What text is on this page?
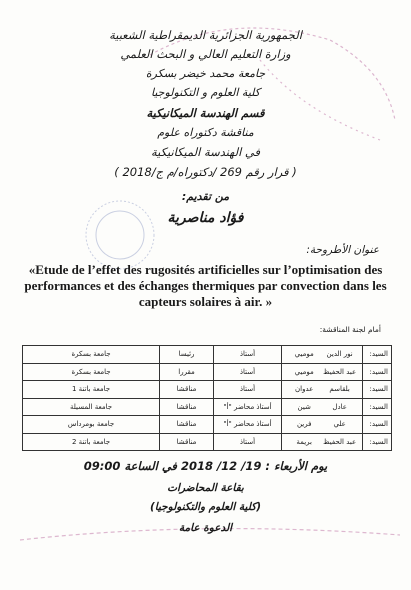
الجمهورية الجزائرية الديمقراطية الشعبية
وزارة التعليم العالي و البحث العلمي
جامعة محمد خيضر بسكرة
كلية العلوم و التكنولوجيا
قسم الهندسة الميكانيكية
مناقشة دكتوراه علوم
في الهندسة الميكانيكية
( قرار رقم 269 /دكتوراه/م ج/2018 )
من تقديم:
فؤاد مناصرية
عنوان الأطروحة:
«Etude de l’effet des rugosités artificielles sur l’optimisation des performances et des échanges thermiques par convection dans les capteurs solaires à air. »
أمام لجنة المناقشة:
السيد:	نور الدينموميي	أستاذ	رئيسا	جامعة بسكرة
السيد:	عبد الحفيظموميي	أستاذ	مقررا	جامعة بسكرة
السيد:	بلقاسمعدوان	أستاذ	مناقشا	جامعة باتنة 1
السيد:	عادلشين	أستاذ محاضر "أ"	مناقشا	جامعة المسيلة
السيد:	عليفرين	أستاذ محاضر "أ"	مناقشا	جامعة بومرداس
السيد:	عبد الحفيظبريمة	أستاذ	مناقشا	جامعة باتنة 2
يوم الأربعاء : 19/ 12/ 2018 في الساعة 09:00
بقاعة المحاضرات
(كلية العلوم والتكنولوجيا)
الدعوة عامة
